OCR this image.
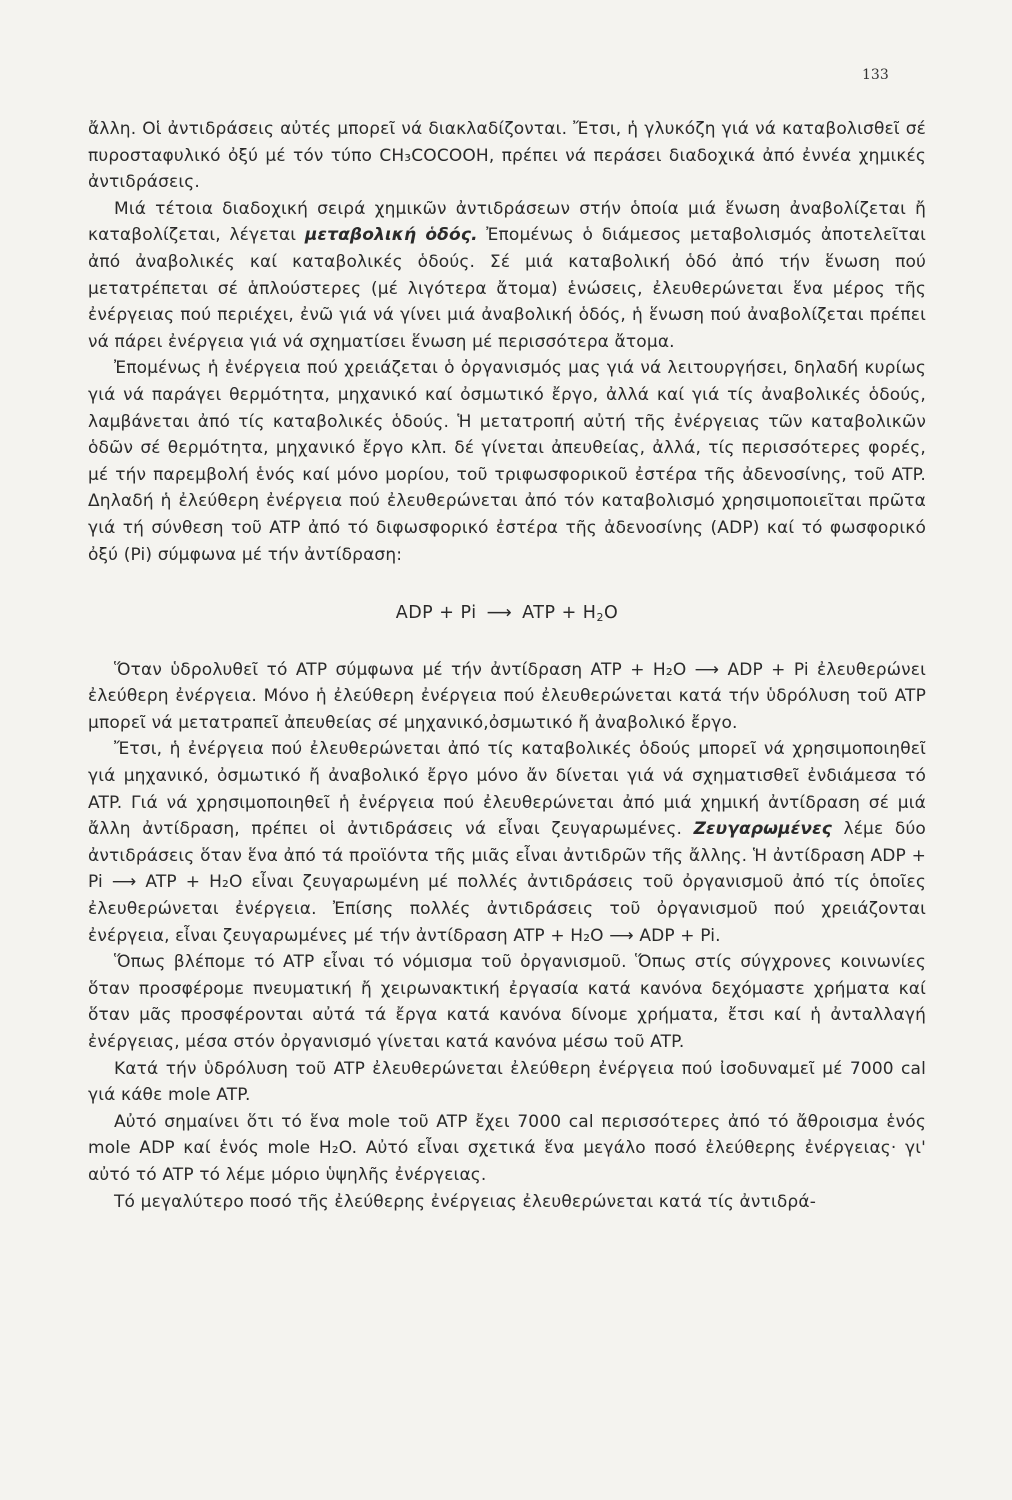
133

ἄλλη. Οἱ ἀντιδράσεις αὐτές μπορεῖ νά διακλαδίζονται. Ἔτσι, ἡ γλυκόζη γιά νά καταβολισθεῖ σέ πυροσταφυλικό ὀξύ μέ τόν τύπο CH₃COCOOH, πρέπει νά περάσει διαδοχικά ἀπό ἐννέα χημικές ἀντιδράσεις.

Μιά τέτοια διαδοχική σειρά χημικῶν ἀντιδράσεων στήν ὁποία μιά ἕνωση ἀναβολίζεται ἤ καταβολίζεται, λέγεται μεταβολική ὁδός. Ἐπομένως ὁ διάμεσος μεταβολισμός ἀποτελεῖται ἀπό ἀναβολικές καί καταβολικές ὁδούς. Σέ μιά καταβολική ὁδό ἀπό τήν ἕνωση πού μετατρέπεται σέ ἁπλούστερες (μέ λιγότερα ἄτομα) ἑνώσεις, ἐλευθερώνεται ἕνα μέρος τῆς ἐνέργειας πού περιέχει, ἐνῶ γιά νά γίνει μιά ἀναβολική ὁδός, ἡ ἕνωση πού ἀναβολίζεται πρέπει νά πάρει ἐνέργεια γιά νά σχηματίσει ἕνωση μέ περισσότερα ἄτομα.

Ἐπομένως ἡ ἐνέργεια πού χρειάζεται ὁ ὀργανισμός μας γιά νά λειτουργήσει, δηλαδή κυρίως γιά νά παράγει θερμότητα, μηχανικό καί ὀσμωτικό ἔργο, ἀλλά καί γιά τίς ἀναβολικές ὁδούς, λαμβάνεται ἀπό τίς καταβολικές ὁδούς. Ἡ μετατροπή αὐτή τῆς ἐνέργειας τῶν καταβολικῶν ὁδῶν σέ θερμότητα, μηχανικό ἔργο κλπ. δέ γίνεται ἀπευθείας, ἀλλά, τίς περισσότερες φορές, μέ τήν παρεμβολή ἑνός καί μόνο μορίου, τοῦ τριφωσφορικοῦ ἐστέρα τῆς ἀδενοσίνης, τοῦ ATP. Δηλαδή ἡ ἐλεύθερη ἐνέργεια πού ἐλευθερώνεται ἀπό τόν καταβολισμό χρησιμοποιεῖται πρῶτα γιά τή σύνθεση τοῦ ATP ἀπό τό διφωσφορικό ἐστέρα τῆς ἀδενοσίνης (ADP) καί τό φωσφορικό ὀξύ (Pi) σύμφωνα μέ τήν ἀντίδραση:

ADP + Pi ⟶ ATP + $H_2O$

Ὅταν ὑδρολυθεῖ τό ATP σύμφωνα μέ τήν ἀντίδραση ATP + H₂O ⟶ ADP + Pi ἐλευθερώνει ἐλεύθερη ἐνέργεια. Μόνο ἡ ἐλεύθερη ἐνέργεια πού ἐλευθερώνεται κατά τήν ὑδρόλυση τοῦ ATP μπορεῖ νά μετατραπεῖ ἀπευθείας σέ μηχανικό,ὀσμωτικό ἤ ἀναβολικό ἔργο.

Ἔτσι, ἡ ἐνέργεια πού ἐλευθερώνεται ἀπό τίς καταβολικές ὁδούς μπορεῖ νά χρησιμοποιηθεῖ γιά μηχανικό, ὀσμωτικό ἤ ἀναβολικό ἔργο μόνο ἄν δίνεται γιά νά σχηματισθεῖ ἐνδιάμεσα τό ATP. Γιά νά χρησιμοποιηθεῖ ἡ ἐνέργεια πού ἐλευθερώνεται ἀπό μιά χημική ἀντίδραση σέ μιά ἄλλη ἀντίδραση, πρέπει οἱ ἀντιδράσεις νά εἶναι ζευγαρωμένες. Ζευγαρωμένες λέμε δύο ἀντιδράσεις ὅταν ἕνα ἀπό τά προϊόντα τῆς μιᾶς εἶναι ἀντιδρῶν τῆς ἄλλης. Ἡ ἀντίδραση ADP + Pi ⟶ ATP + H₂O εἶναι ζευγαρωμένη μέ πολλές ἀντιδράσεις τοῦ ὀργανισμοῦ ἀπό τίς ὁποῖες ἐλευθερώνεται ἐνέργεια. Ἐπίσης πολλές ἀντιδράσεις τοῦ ὀργανισμοῦ πού χρειάζονται ἐνέργεια, εἶναι ζευγαρωμένες μέ τήν ἀντίδραση ATP + H₂O ⟶ ADP + Pi.

Ὅπως βλέπομε τό ATP εἶναι τό νόμισμα τοῦ ὀργανισμοῦ. Ὅπως στίς σύγχρονες κοινωνίες ὅταν προσφέρομε πνευματική ἤ χειρωνακτική ἐργασία κατά κανόνα δεχόμαστε χρήματα καί ὅταν μᾶς προσφέρονται αὐτά τά ἔργα κατά κανόνα δίνομε χρήματα, ἔτσι καί ἡ ἀνταλλαγή ἐνέργειας, μέσα στόν ὀργανισμό γίνεται κατά κανόνα μέσω τοῦ ATP.

Κατά τήν ὑδρόλυση τοῦ ATP ἐλευθερώνεται ἐλεύθερη ἐνέργεια πού ἰσοδυναμεῖ μέ 7000 cal γιά κάθε mole ATP.

Αὐτό σημαίνει ὅτι τό ἕνα mole τοῦ ATP ἔχει 7000 cal περισσότερες ἀπό τό ἄθροισμα ἑνός mole ADP καί ἑνός mole H₂O. Αὐτό εἶναι σχετικά ἕνα μεγάλο ποσό ἐλεύθερης ἐνέργειας· γι' αὐτό τό ATP τό λέμε μόριο ὑψηλῆς ἐνέργειας.

Τό μεγαλύτερο ποσό τῆς ἐλεύθερης ἐνέργειας ἐλευθερώνεται κατά τίς ἀντιδρά-
